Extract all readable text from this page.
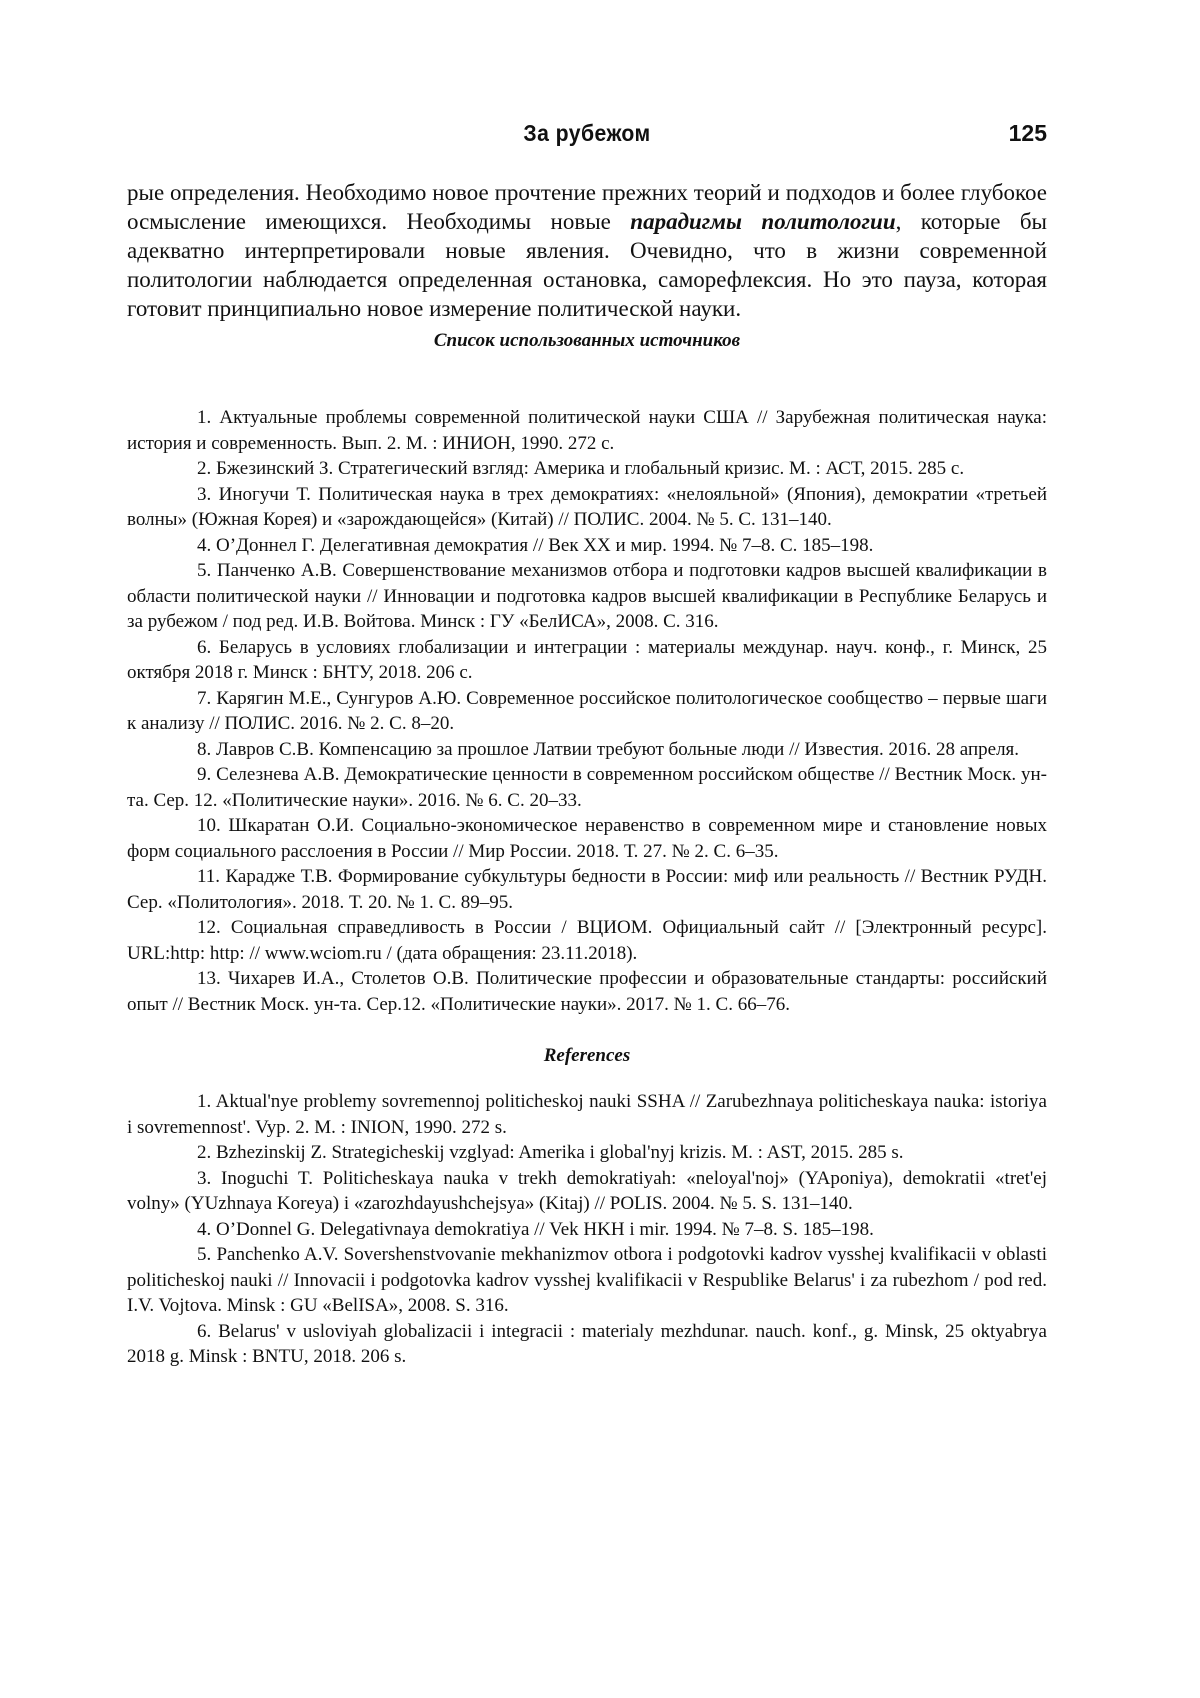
За рубежом	125
рые определения. Необходимо новое прочтение прежних теорий и подходов и более глубокое осмысление имеющихся. Необходимы новые парадигмы политологии, которые бы адекватно интерпретировали новые явления. Очевидно, что в жизни современной политологии наблюдается определенная остановка, саморефлексия. Но это пауза, которая готовит принципиально новое измерение политической науки.
Список использованных источников

1. Актуальные проблемы современной политической науки США // Зарубежная политическая наука: история и современность. Вып. 2. М. : ИНИОН, 1990. 272 с.

2. Бжезинский З. Стратегический взгляд: Америка и глобальный кризис. М. : АСТ, 2015. 285 с.

3. Иногучи Т. Политическая наука в трех демократиях: «нелояльной» (Япония), демократии «третьей волны» (Южная Корея) и «зарождающейся» (Китай) // ПОЛИС. 2004. № 5. С. 131–140.

4. О’Доннел Г. Делегативная демократия // Век ХХ и мир. 1994. № 7–8. С. 185–198.

5. Панченко А.В. Совершенствование механизмов отбора и подготовки кадров высшей квалификации в области политической науки // Инновации и подготовка кадров высшей квалификации в Республике Беларусь и за рубежом / под ред. И.В. Войтова. Минск : ГУ «БелИСА», 2008. С. 316.

6. Беларусь в условиях глобализации и интеграции : материалы междунар. науч. конф., г. Минск, 25 октября 2018 г. Минск : БНТУ, 2018. 206 с.

7. Карягин М.Е., Сунгуров А.Ю. Современное российское политологическое сообщество – первые шаги к анализу // ПОЛИС. 2016. № 2. С. 8–20.

8. Лавров С.В. Компенсацию за прошлое Латвии требуют больные люди // Известия. 2016. 28 апреля.

9. Селезнева А.В. Демократические ценности в современном российском обществе // Вестник Моск. ун-та. Сер. 12. «Политические науки». 2016. № 6. С. 20–33.

10. Шкаратан О.И. Социально-экономическое неравенство в современном мире и становление новых форм социального расслоения в России // Мир России. 2018. Т. 27. № 2. С. 6–35.

11. Карадже Т.В. Формирование субкультуры бедности в России: миф или реальность // Вестник РУДН. Сер. «Политология». 2018. Т. 20. № 1. С. 89–95.

12. Социальная справедливость в России / ВЦИОМ. Официальный сайт // [Электронный ресурс]. URL:http: http: // www.wciom.ru / (дата обращения: 23.11.2018).

13. Чихарев И.А., Столетов О.В. Политические профессии и образовательные стандарты: российский опыт // Вестник Моск. ун-та. Сер.12. «Политические науки». 2017. № 1. С. 66–76.

References

1. Aktual'nye problemy sovremennoj politicheskoj nauki SSHA // Zarubezhnaya politicheskaya nauka: istoriya i sovremennost'. Vyp. 2. M. : INION, 1990. 272 s.

2. Bzhezinskij Z. Strategicheskij vzglyad: Amerika i global'nyj krizis. M. : AST, 2015. 285 s.

3. Inoguchi T. Politicheskaya nauka v trekh demokratiyah: «neloyal'noj» (YAponiya), demokratii «tret'ej volny» (YUzhnaya Koreya) i «zarozhdayushchejsya» (Kitaj) // POLIS. 2004. № 5. S. 131–140.

4. O’Donnel G. Delegativnaya demokratiya // Vek HKH i mir. 1994. № 7–8. S. 185–198.

5. Panchenko A.V. Sovershenstvovanie mekhanizmov otbora i podgotovki kadrov vysshej kvalifikacii v oblasti politicheskoj nauki // Innovacii i podgotovka kadrov vysshej kvalifikacii v Respublike Belarus' i za rubezhom / pod red. I.V. Vojtova. Minsk : GU «BelISA», 2008. S. 316.

6. Belarus' v usloviyah globalizacii i integracii : materialy mezhdunar. nauch. konf., g. Minsk, 25 oktyabrya 2018 g. Minsk : BNTU, 2018. 206 s.
